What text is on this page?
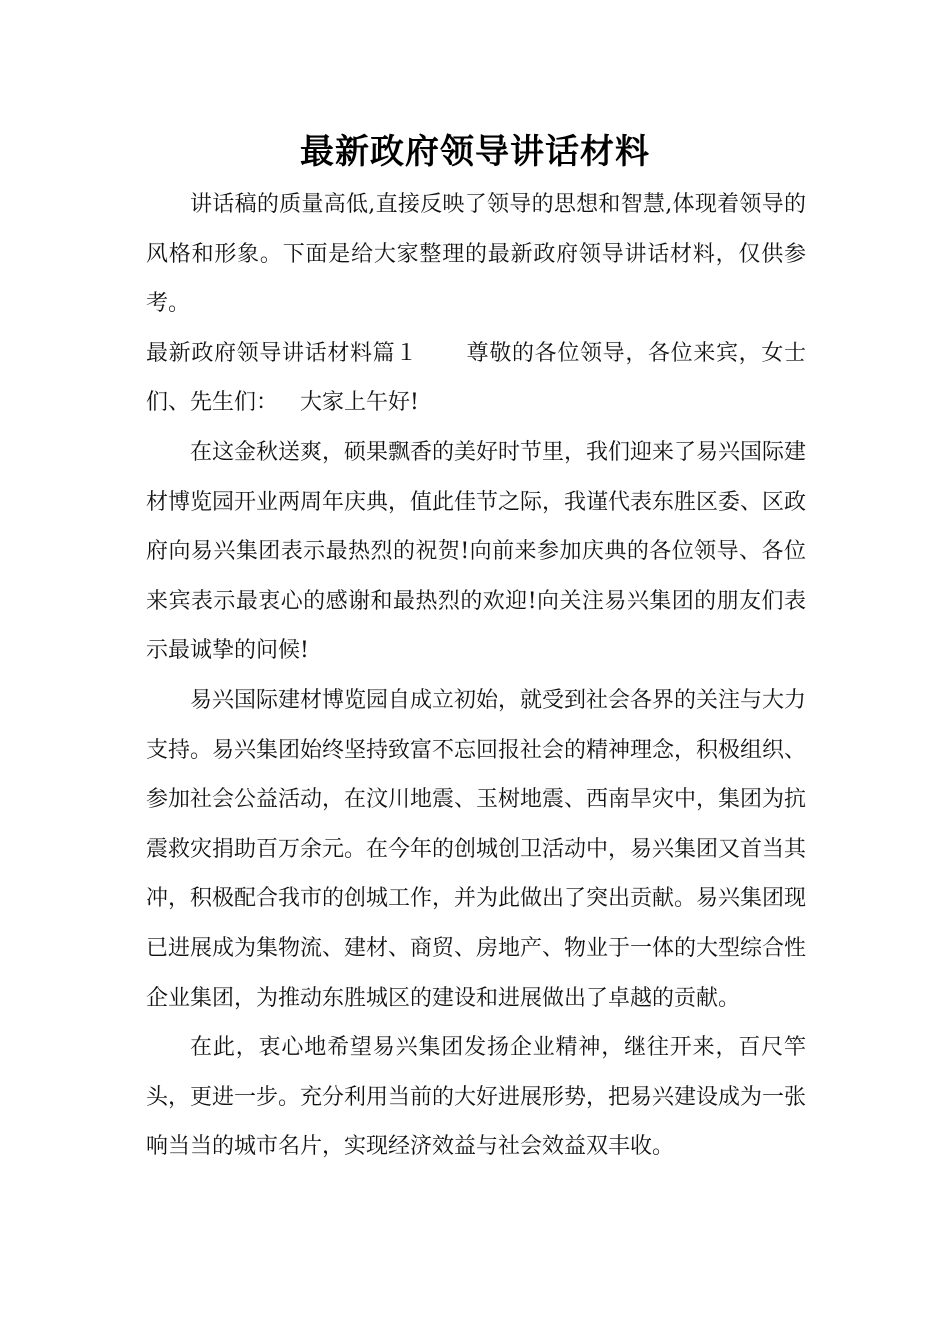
最新政府领导讲话材料

讲话稿的质量高低,直接反映了领导的思想和智慧,体现着领导的风格和形象。下面是给大家整理的最新政府领导讲话材料，仅供参考。

最新政府领导讲话材料篇１ 尊敬的各位领导，各位来宾，女士们、先生们： 大家上午好!

在这金秋送爽，硕果飘香的美好时节里，我们迎来了易兴国际建材博览园开业两周年庆典，值此佳节之际，我谨代表东胜区委、区政府向易兴集团表示最热烈的祝贺!向前来参加庆典的各位领导、各位来宾表示最衷心的感谢和最热烈的欢迎!向关注易兴集团的朋友们表示最诚挚的问候!

易兴国际建材博览园自成立初始，就受到社会各界的关注与大力支持。易兴集团始终坚持致富不忘回报社会的精神理念，积极组织、参加社会公益活动，在汶川地震、玉树地震、西南旱灾中，集团为抗震救灾捐助百万余元。在今年的创城创卫活动中，易兴集团又首当其冲，积极配合我市的创城工作，并为此做出了突出贡献。易兴集团现已进展成为集物流、建材、商贸、房地产、物业于一体的大型综合性企业集团，为推动东胜城区的建设和进展做出了卓越的贡献。

在此，衷心地希望易兴集团发扬企业精神，继往开来，百尺竿头，更进一步。充分利用当前的大好进展形势，把易兴建设成为一张响当当的城市名片，实现经济效益与社会效益双丰收。
